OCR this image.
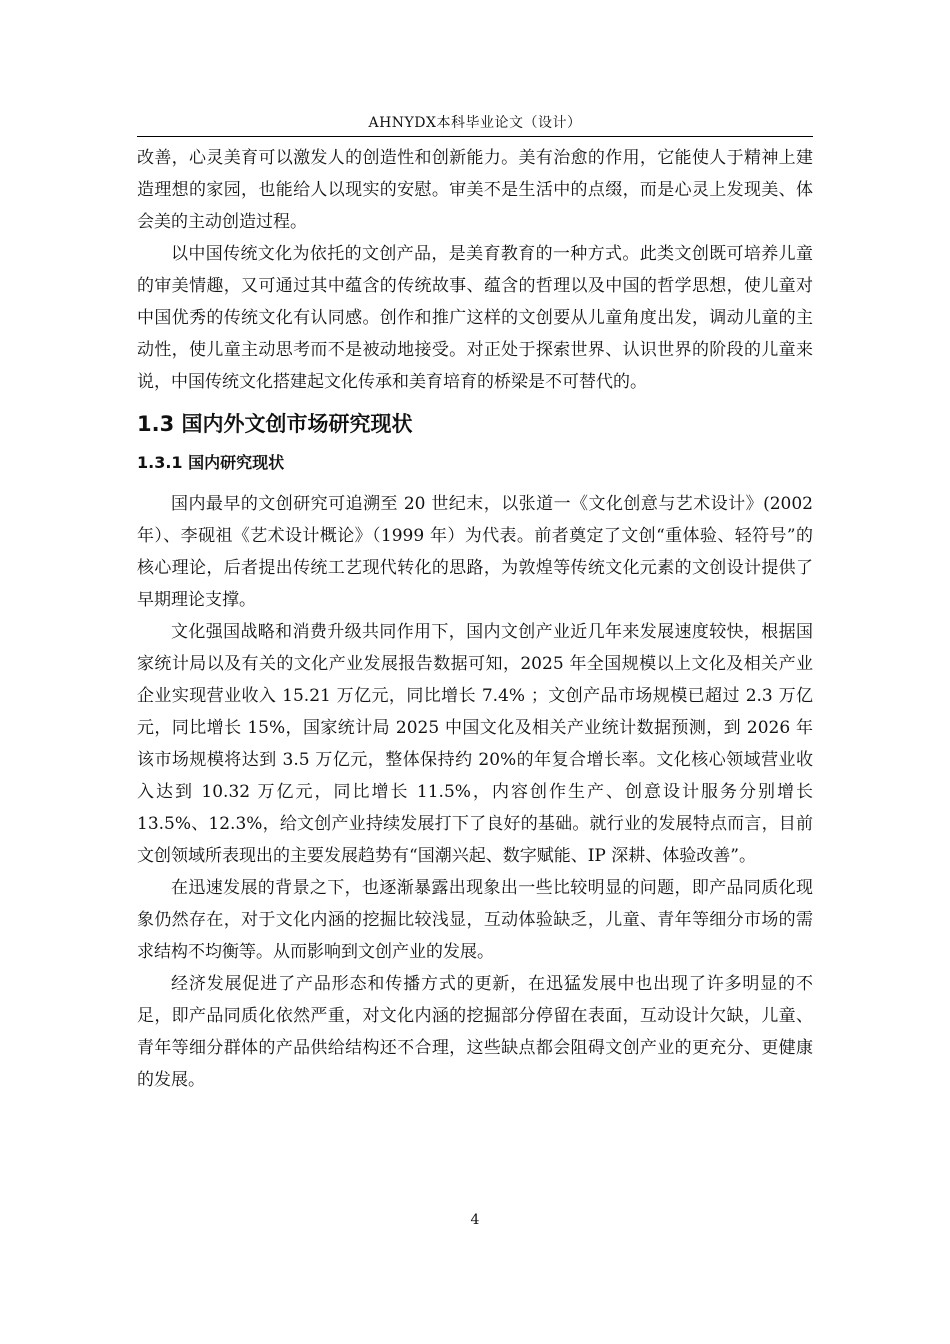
AHNYDX本科毕业论文（设计）

改善，心灵美育可以激发人的创造性和创新能力。美有治愈的作用，它能使人于精神上建造理想的家园，也能给人以现实的安慰。审美不是生活中的点缀，而是心灵上发现美、体会美的主动创造过程。

以中国传统文化为依托的文创产品，是美育教育的一种方式。此类文创既可培养儿童的审美情趣，又可通过其中蕴含的传统故事、蕴含的哲理以及中国的哲学思想，使儿童对中国优秀的传统文化有认同感。创作和推广这样的文创要从儿童角度出发，调动儿童的主动性，使儿童主动思考而不是被动地接受。对正处于探索世界、认识世界的阶段的儿童来说，中国传统文化搭建起文化传承和美育培育的桥梁是不可替代的。

1.3 国内外文创市场研究现状
1.3.1 国内研究现状

国内最早的文创研究可追溯至 20 世纪末，以张道一《文化创意与艺术设计》(2002 年）、李砚祖《艺术设计概论》（1999 年）为代表。前者奠定了文创“重体验、轻符号”的核心理论，后者提出传统工艺现代转化的思路，为敦煌等传统文化元素的文创设计提供了早期理论支撑。

文化强国战略和消费升级共同作用下，国内文创产业近几年来发展速度较快，根据国家统计局以及有关的文化产业发展报告数据可知，2025 年全国规模以上文化及相关产业企业实现营业收入 15.21 万亿元，同比增长 7.4% ；文创产品市场规模已超过 2.3 万亿元，同比增长 15%，国家统计局 2025 中国文化及相关产业统计数据预测，到 2026 年该市场规模将达到 3.5 万亿元，整体保持约 20%的年复合增长率。文化核心领域营业收入达到 10.32 万亿元，同比增长 11.5%，内容创作生产、创意设计服务分别增长 13.5%、12.3%，给文创产业持续发展打下了良好的基础。就行业的发展特点而言，目前文创领域所表现出的主要发展趋势有“国潮兴起、数字赋能、IP 深耕、体验改善”。

在迅速发展的背景之下，也逐渐暴露出现象出一些比较明显的问题，即产品同质化现象仍然存在，对于文化内涵的挖掘比较浅显，互动体验缺乏，儿童、青年等细分市场的需求结构不均衡等。从而影响到文创产业的发展。

经济发展促进了产品形态和传播方式的更新，在迅猛发展中也出现了许多明显的不足，即产品同质化依然严重，对文化内涵的挖掘部分停留在表面，互动设计欠缺，儿童、青年等细分群体的产品供给结构还不合理，这些缺点都会阻碍文创产业的更充分、更健康的发展。

4
